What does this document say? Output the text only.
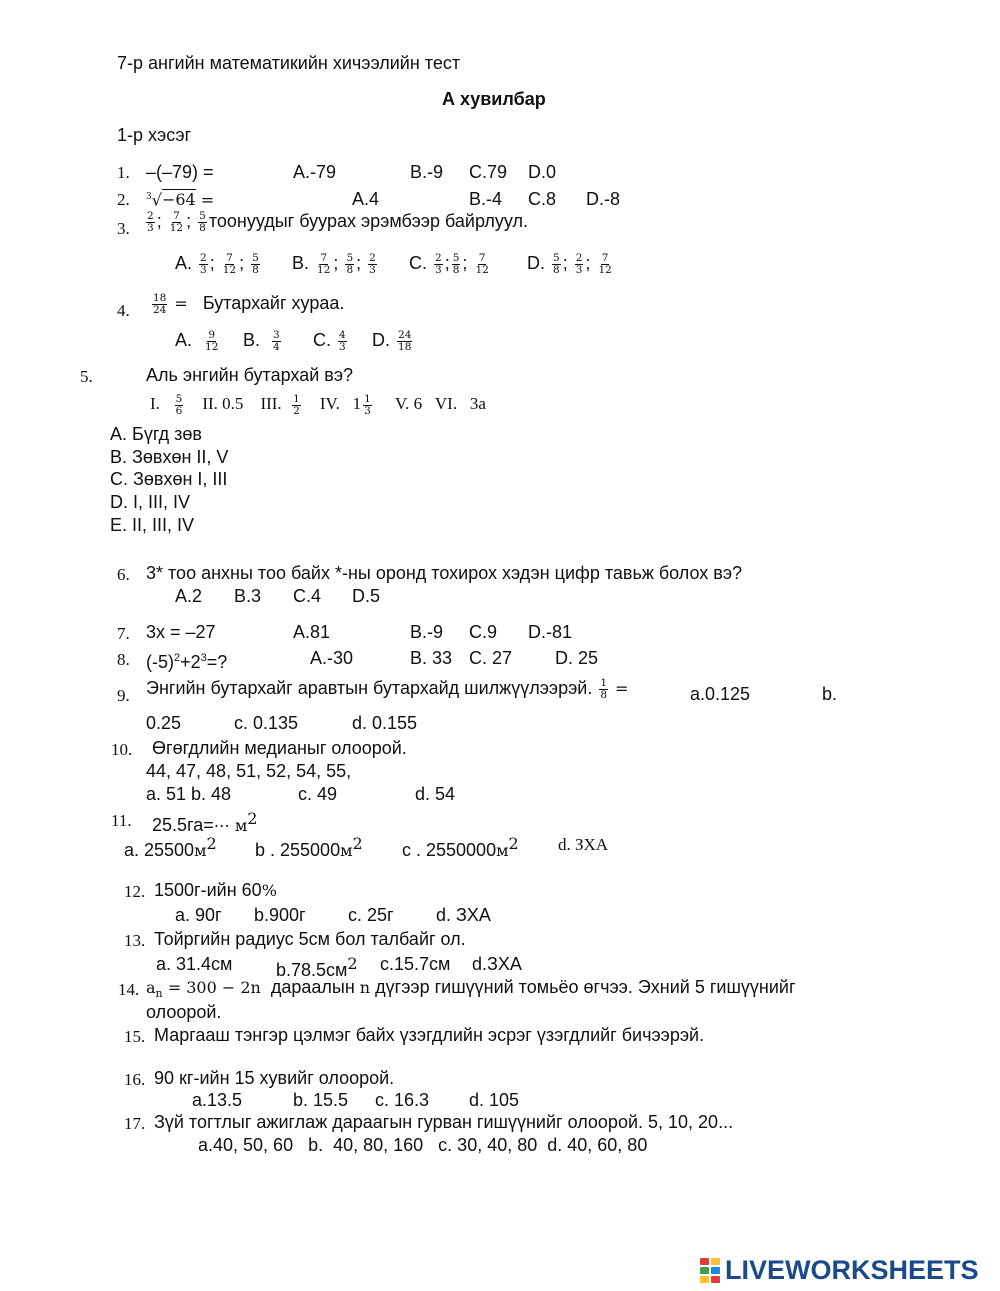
7-р ангийн математикийн хичээлийн тест
А хувилбар
1-р хэсэг
1. –(–79) =	A.-79	B.-9 C.79 D.0
2. $^3$√−64 =	A.4	B.-4 C.8 D.-8
3. $\frac{2}{3}$ ; $\frac{7}{12}$ ; $\frac{5}{8}$ тоонуудыг буурах эрэмбээр байрлуул.
A. $\frac{2}{3}$ ; $\frac{7}{12}$ ; $\frac{5}{8} B$. $\frac{7}{12}$ ; $\frac{5}{8}$ ; $\frac{2}{3} C$. $\frac{2}{3}$ ; $\frac{5}{8}$ ; $\frac{7}{12} D$. $\frac{5}{8}$ ; $\frac{2}{3}$ ; $\frac{7}{12}$
4. $\frac{18}{24}$ = Бутархайг хураа.
A. $\frac{9}{12} B$. $\frac{3}{4} C$. $\frac{4}{3} D$. $\frac{24}{18}$
5.	Аль энгийн бутархай вэ?
I. $\frac{5}{6}$ II. 0.5 III. $\frac{1}{2}$ IV. $1 \frac{1}{3} V$. 6 VI. 3a
A. Бүгд зөв
B. Зөвхөн II, V
C. Зөвхөн I, III
D. I, III, IV
E. II, III, IV
6. 3* тоо анхны тоо байх *-ны оронд тохирох хэдэн цифр тавьж болох вэ?
A.2 B.3 C.4 D.5
7. 3x = –27	A.81	B.-9 C.9 D.-81
8. $(-5)^2+2^3=$?	A.-30	B. 33 C. 27 D. 25
9. Энгийн бутархайг аравтын бутархайд шилжүүлээрэй. $\frac{1}{8}$ =	a.0.125	b.
0.25	c. 0.135	d. 0.155
10. Өгөгдлийн медианыг олоорой.
44, 47, 48, 51, 52, 54, 55,
a. 51 b. 48	c. 49	d. 54
11. 25.5га=⋯ $м^2$
a. $25500м^2$ b . $255000м^2$ c . $2550000м^2$ d. ЗХА
12. 1500г-ийн 60%
a. 90г b.900г c. 25г d. ЗХА
13. Тойргийн радиус 5см бол талбайг ол.
a. 31.4см $b.78.5см^2$ c.15.7см d.ЗХА
14. $a_n = 300 - 2n$ дараалын n дүгээр гишүүний томьёо өгчээ. Эхний 5 гишүүнийг
олоорой.
15. Маргааш тэнгэр цэлмэг байх үзэгдлийн эсрэг үзэгдлийг бичээрэй.
16. 90 кг-ийн 15 хувийг олоорой.
a.13.5	b. 15.5 c. 16.3 d. 105
17. Зүй тогтлыг ажиглаж дараагын гурван гишүүнийг олоорой. 5, 10, 20...
a.40, 50, 60   b.  40, 80, 160   c. 30, 40, 80  d. 40, 60, 80
LIVEWORKSHEETS
